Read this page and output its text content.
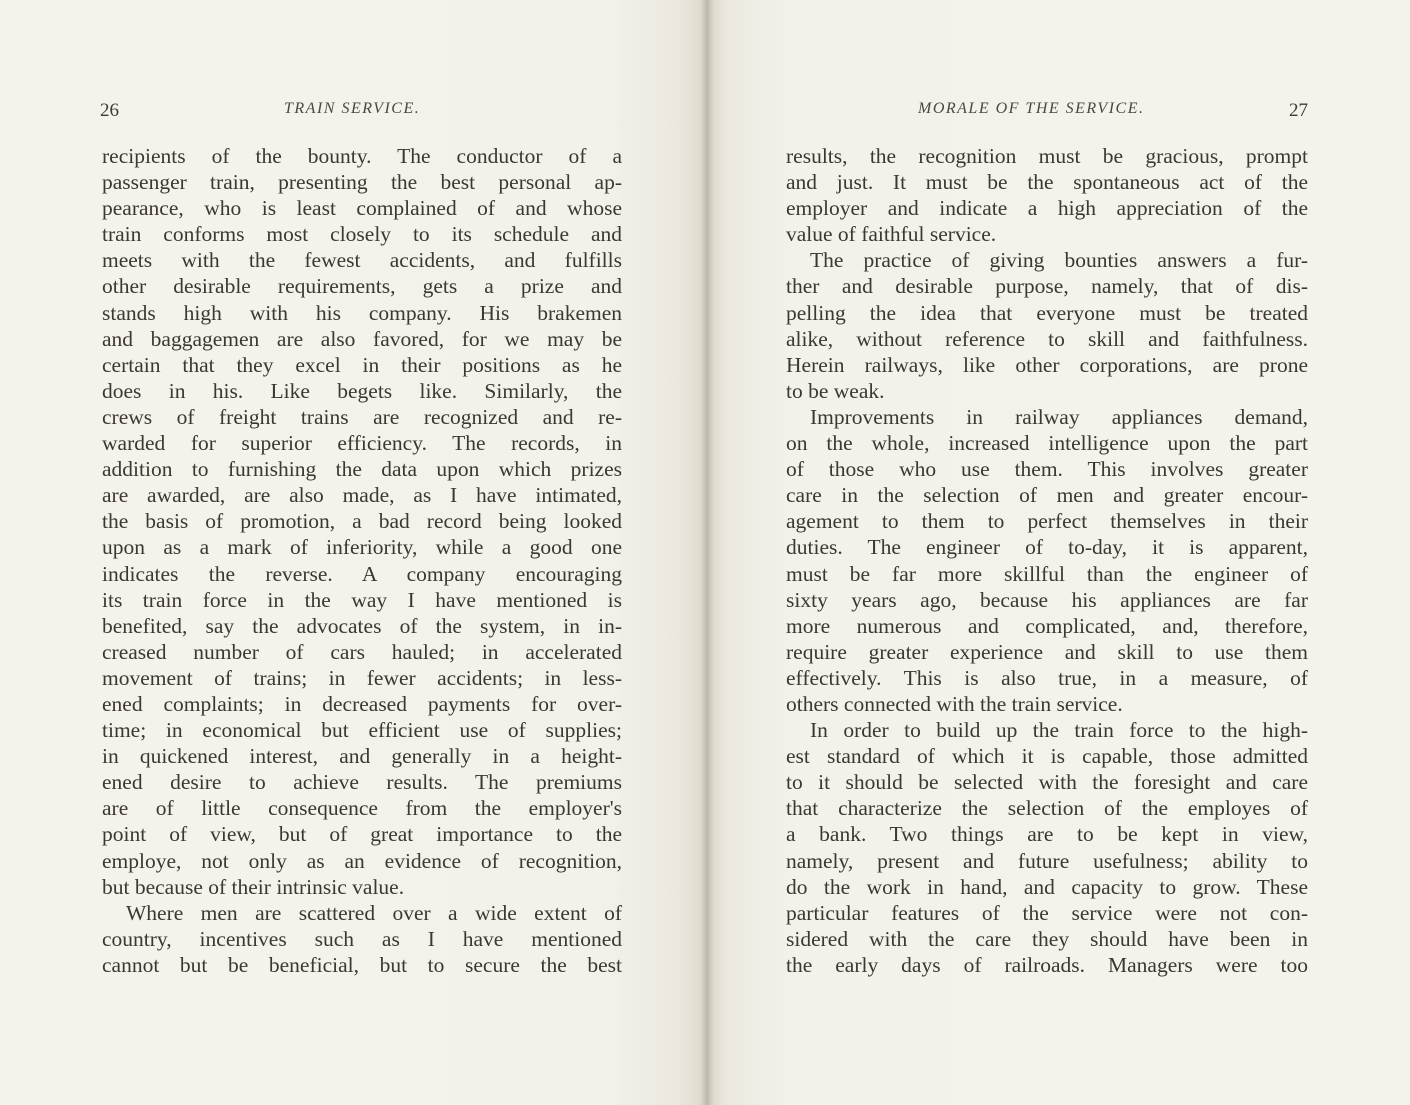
26	TRAIN SERVICE.
recipients of the bounty. The conductor of a
passenger train, presenting the best personal ap-
pearance, who is least complained of and whose
train conforms most closely to its schedule and
meets with the fewest accidents, and fulfills
other desirable requirements, gets a prize and
stands high with his company. His brakemen
and baggagemen are also favored, for we may be
certain that they excel in their positions as he
does in his. Like begets like. Similarly, the
crews of freight trains are recognized and re-
warded for superior efficiency. The records, in
addition to furnishing the data upon which prizes
are awarded, are also made, as I have intimated,
the basis of promotion, a bad record being looked
upon as a mark of inferiority, while a good one
indicates the reverse. A company encouraging
its train force in the way I have mentioned is
benefited, say the advocates of the system, in in-
creased number of cars hauled; in accelerated
movement of trains; in fewer accidents; in less-
ened complaints; in decreased payments for over-
time; in economical but efficient use of supplies;
in quickened interest, and generally in a height-
ened desire to achieve results. The premiums
are of little consequence from the employer's
point of view, but of great importance to the
employe, not only as an evidence of recognition,
but because of their intrinsic value.
Where men are scattered over a wide extent of
country, incentives such as I have mentioned
cannot but be beneficial, but to secure the best
MORALE OF THE SERVICE.	27
results, the recognition must be gracious, prompt
and just. It must be the spontaneous act of the
employer and indicate a high appreciation of the
value of faithful service.
The practice of giving bounties answers a fur-
ther and desirable purpose, namely, that of dis-
pelling the idea that everyone must be treated
alike, without reference to skill and faithfulness.
Herein railways, like other corporations, are prone
to be weak.
Improvements in railway appliances demand,
on the whole, increased intelligence upon the part
of those who use them. This involves greater
care in the selection of men and greater encour-
agement to them to perfect themselves in their
duties. The engineer of to-day, it is apparent,
must be far more skillful than the engineer of
sixty years ago, because his appliances are far
more numerous and complicated, and, therefore,
require greater experience and skill to use them
effectively. This is also true, in a measure, of
others connected with the train service.
In order to build up the train force to the high-
est standard of which it is capable, those admitted
to it should be selected with the foresight and care
that characterize the selection of the employes of
a bank. Two things are to be kept in view,
namely, present and future usefulness; ability to
do the work in hand, and capacity to grow. These
particular features of the service were not con-
sidered with the care they should have been in
the early days of railroads. Managers were too
